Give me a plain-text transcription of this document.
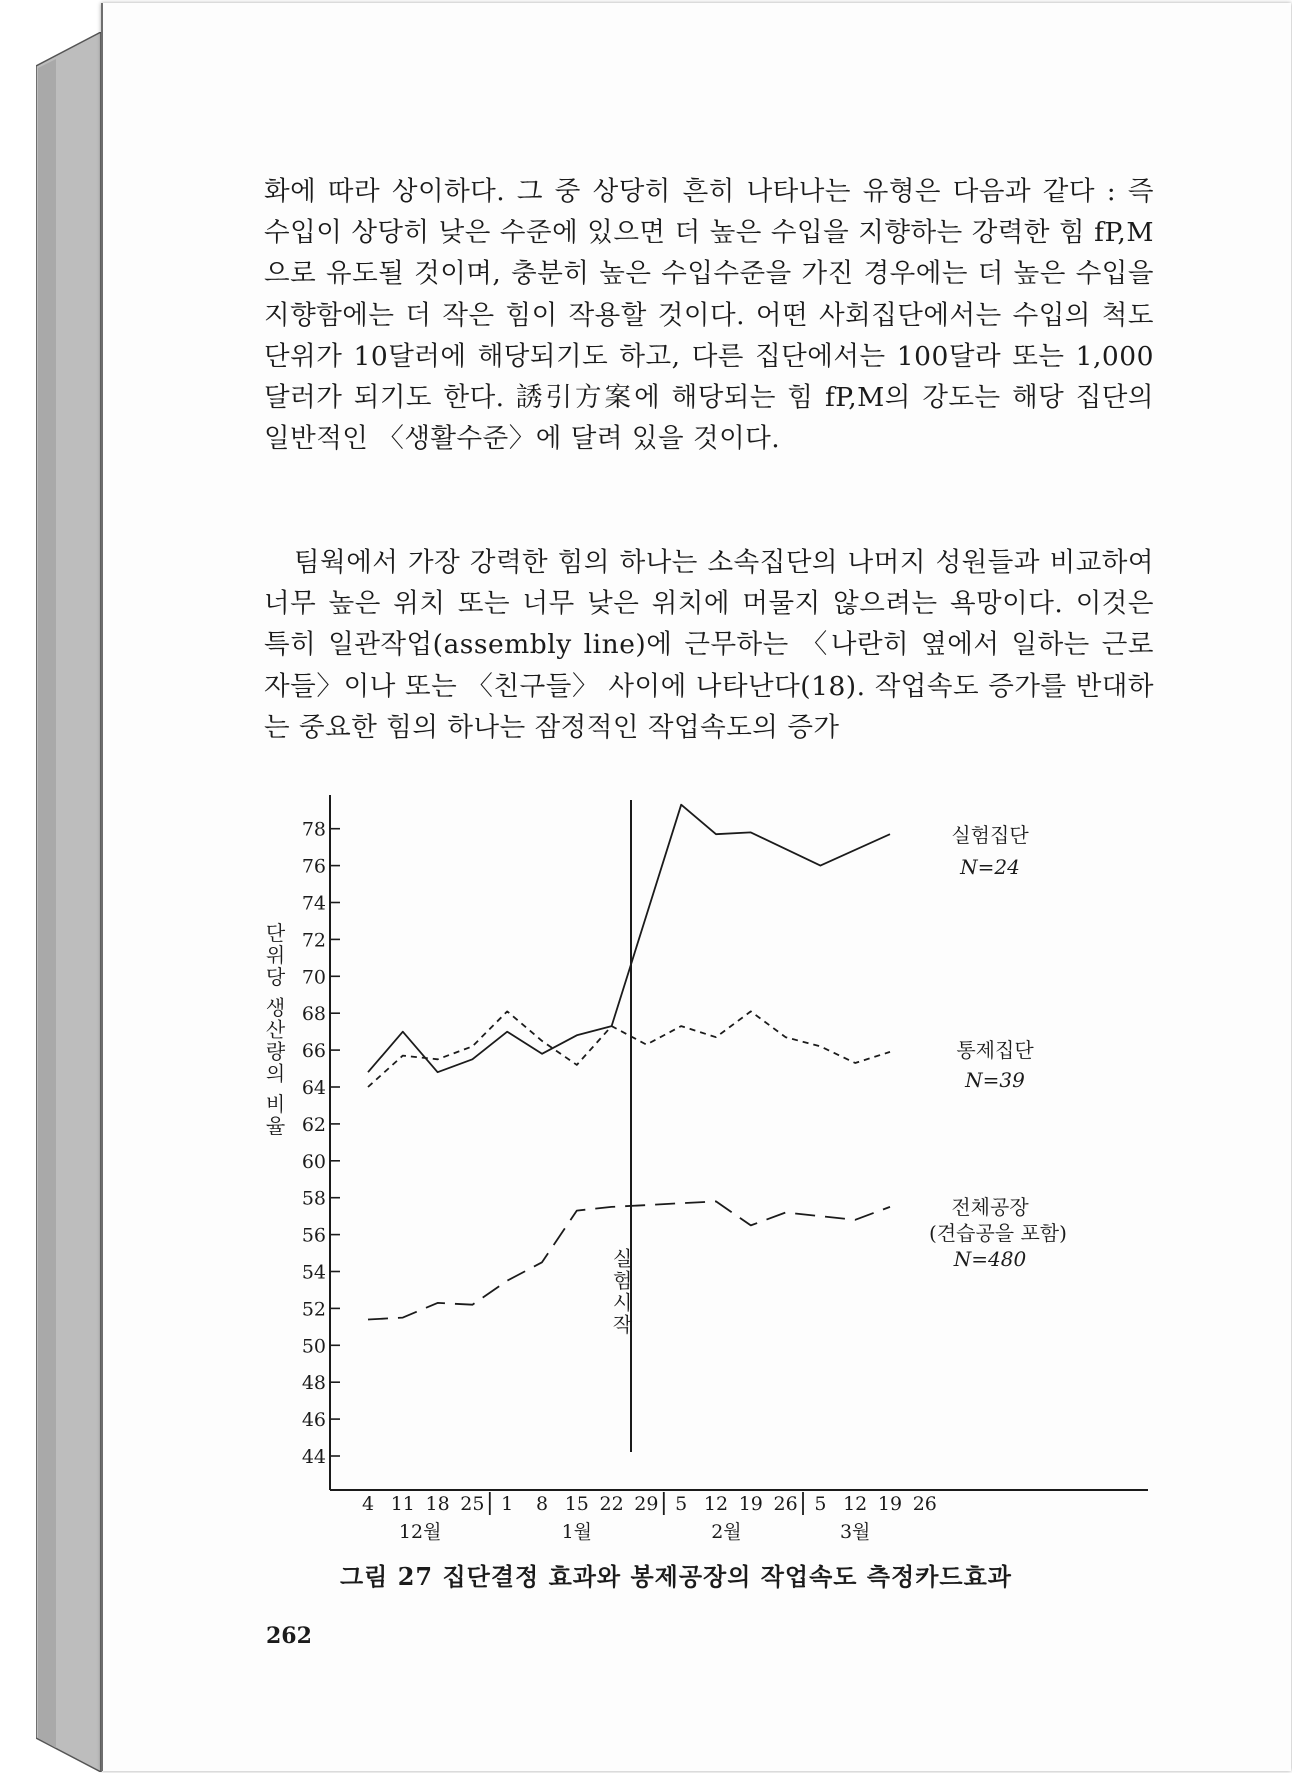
화에 따라 상이하다. 그 중 상당히 흔히 나타나는 유형은 다음과 같다 : 즉 수입이 상당히 낮은 수준에 있으면 더 높은 수입을 지향하는 강력한 힘 fP,M으로 유도될 것이며, 충분히 높은 수입수준을 가진 경우에는 더 높은 수입을 지향함에는 더 작은 힘이 작용할 것이다. 어떤 사회집단에서는 수입의 척도단위가 10달러에 해당되기도 하고, 다른 집단에서는 100달라 또는 1,000달러가 되기도 한다. 誘引方案에 해당되는 힘 fP,M의 강도는 해당 집단의 일반적인 〈생활수준〉에 달려 있을 것이다.

팀웍에서 가장 강력한 힘의 하나는 소속집단의 나머지 성원들과 비교하여 너무 높은 위치 또는 너무 낮은 위치에 머물지 않으려는 욕망이다. 이것은 특히 일관작업(assembly line)에 근무하는 〈나란히 옆에서 일하는 근로자들〉이나 또는 〈친구들〉 사이에 나타난다(18). 작업속도 증가를 반대하는 중요한 힘의 하나는 잠정적인 작업속도의 증가

44
46
48
50
52
54
56
58
60
62
64
66
68
70
72
74
76
78
4 11 18 25 1 8 15 22 29 5 12 19 26 5 12 19 26
12월	1월	2월	3월
단위당 생산량의 비율
실험시작
실험집단
N=24
통제집단
N=39
전체공장
(견습공을 포함)
N=480

그림 27 집단결정 효과와 봉제공장의 작업속도 측정카드효과

262
